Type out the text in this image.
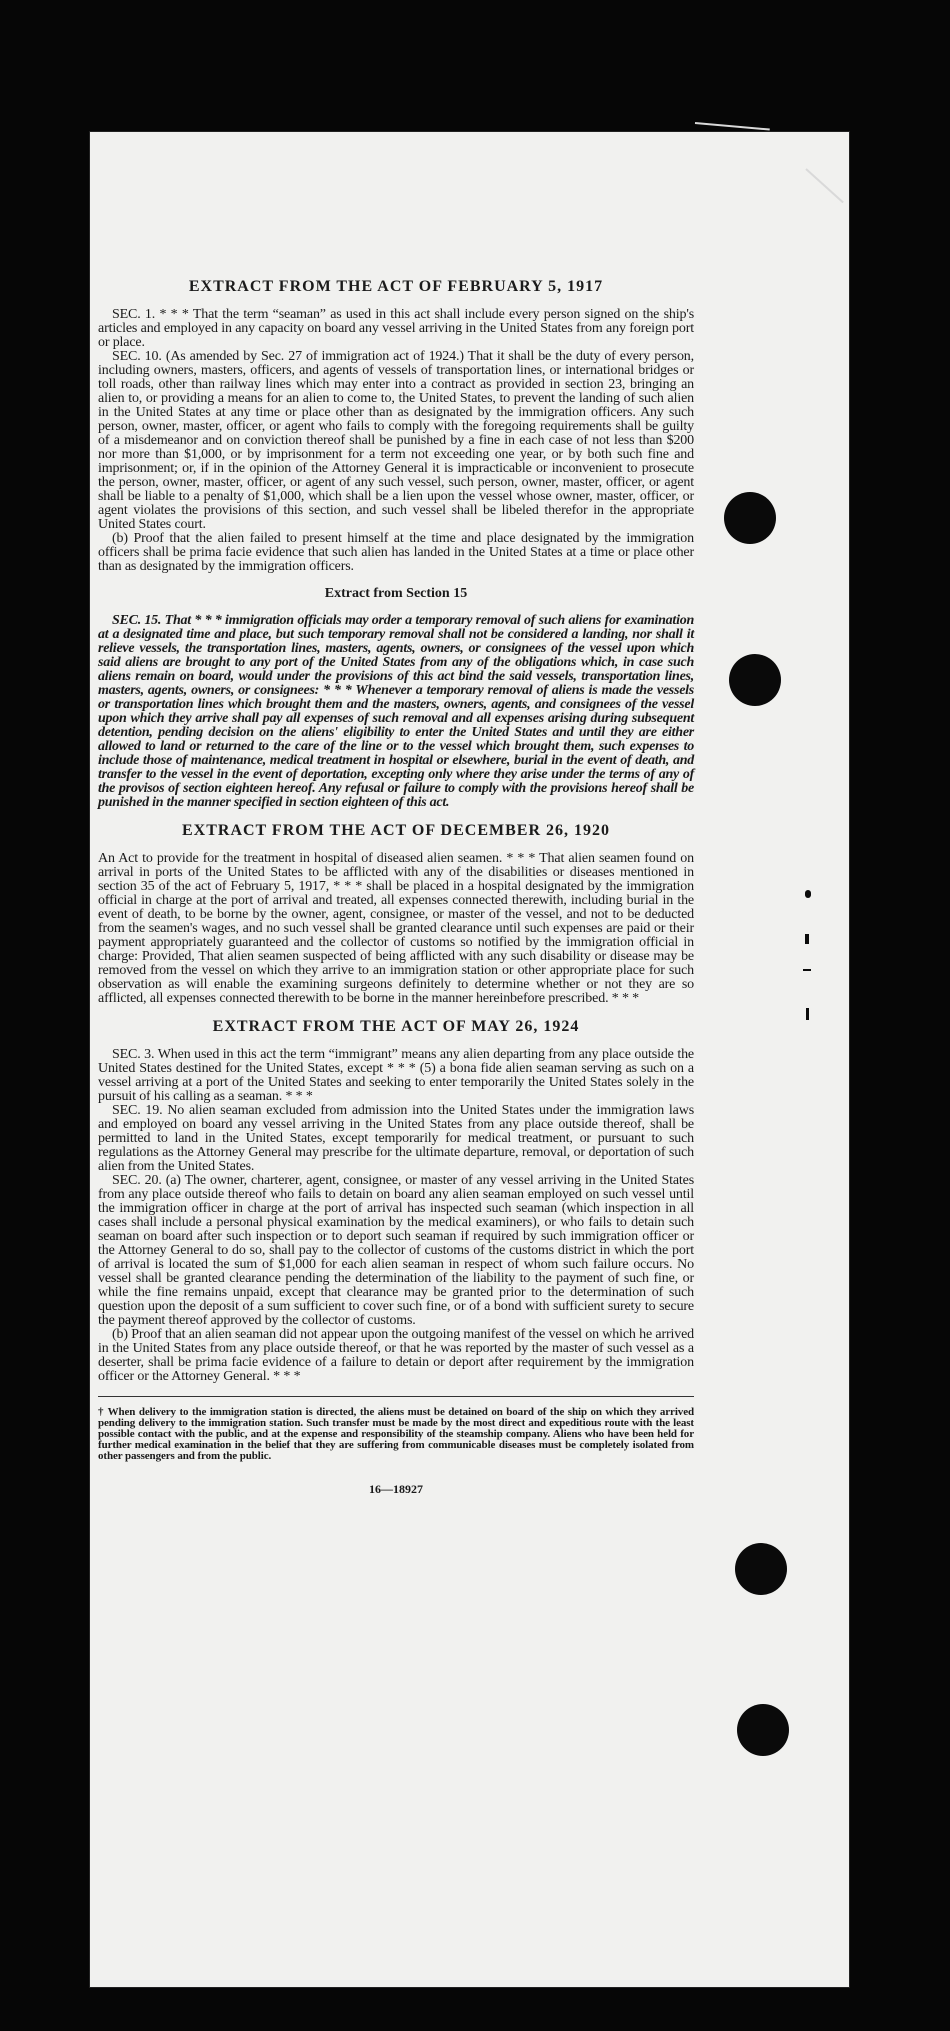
EXTRACT FROM THE ACT OF FEBRUARY 5, 1917

SEC. 1. * * * That the term “seaman” as used in this act shall include every person signed on the ship's articles and employed in any capacity on board any vessel arriving in the United States from any foreign port or place.

SEC. 10. (As amended by Sec. 27 of immigration act of 1924.) That it shall be the duty of every person, including owners, masters, officers, and agents of vessels of transportation lines, or international bridges or toll roads, other than railway lines which may enter into a contract as provided in section 23, bringing an alien to, or providing a means for an alien to come to, the United States, to prevent the landing of such alien in the United States at any time or place other than as designated by the immigration officers. Any such person, owner, master, officer, or agent who fails to comply with the foregoing requirements shall be guilty of a misdemeanor and on conviction thereof shall be punished by a fine in each case of not less than $200 nor more than $1,000, or by imprisonment for a term not exceeding one year, or by both such fine and imprisonment; or, if in the opinion of the Attorney General it is impracticable or inconvenient to prosecute the person, owner, master, officer, or agent of any such vessel, such person, owner, master, officer, or agent shall be liable to a penalty of $1,000, which shall be a lien upon the vessel whose owner, master, officer, or agent violates the provisions of this section, and such vessel shall be libeled therefor in the appropriate United States court.

(b) Proof that the alien failed to present himself at the time and place designated by the immigration officers shall be prima facie evidence that such alien has landed in the United States at a time or place other than as designated by the immigration officers.

Extract from Section 15

SEC. 15. That * * * immigration officials may order a temporary removal of such aliens for examination at a designated time and place, but such temporary removal shall not be considered a landing, nor shall it relieve vessels, the transportation lines, masters, agents, owners, or consignees of the vessel upon which said aliens are brought to any port of the United States from any of the obligations which, in case such aliens remain on board, would under the provisions of this act bind the said vessels, transportation lines, masters, agents, owners, or consignees: * * * Whenever a temporary removal of aliens is made the vessels or transportation lines which brought them and the masters, owners, agents, and consignees of the vessel upon which they arrive shall pay all expenses of such removal and all expenses arising during subsequent detention, pending decision on the aliens' eligibility to enter the United States and until they are either allowed to land or returned to the care of the line or to the vessel which brought them, such expenses to include those of maintenance, medical treatment in hospital or elsewhere, burial in the event of death, and transfer to the vessel in the event of deportation, excepting only where they arise under the terms of any of the provisos of section eighteen hereof. Any refusal or failure to comply with the provisions hereof shall be punished in the manner specified in section eighteen of this act.

EXTRACT FROM THE ACT OF DECEMBER 26, 1920

An Act to provide for the treatment in hospital of diseased alien seamen. * * * That alien seamen found on arrival in ports of the United States to be afflicted with any of the disabilities or diseases mentioned in section 35 of the act of February 5, 1917, * * * shall be placed in a hospital designated by the immigration official in charge at the port of arrival and treated, all expenses connected therewith, including burial in the event of death, to be borne by the owner, agent, consignee, or master of the vessel, and not to be deducted from the seamen's wages, and no such vessel shall be granted clearance until such expenses are paid or their payment appropriately guaranteed and the collector of customs so notified by the immigration official in charge: Provided, That alien seamen suspected of being afflicted with any such disability or disease may be removed from the vessel on which they arrive to an immigration station or other appropriate place for such observation as will enable the examining surgeons definitely to determine whether or not they are so afflicted, all expenses connected therewith to be borne in the manner hereinbefore prescribed. * * *

EXTRACT FROM THE ACT OF MAY 26, 1924

SEC. 3. When used in this act the term “immigrant” means any alien departing from any place outside the United States destined for the United States, except * * * (5) a bona fide alien seaman serving as such on a vessel arriving at a port of the United States and seeking to enter temporarily the United States solely in the pursuit of his calling as a seaman. * * *

SEC. 19. No alien seaman excluded from admission into the United States under the immigration laws and employed on board any vessel arriving in the United States from any place outside thereof, shall be permitted to land in the United States, except temporarily for medical treatment, or pursuant to such regulations as the Attorney General may prescribe for the ultimate departure, removal, or deportation of such alien from the United States.

SEC. 20. (a) The owner, charterer, agent, consignee, or master of any vessel arriving in the United States from any place outside thereof who fails to detain on board any alien seaman employed on such vessel until the immigration officer in charge at the port of arrival has inspected such seaman (which inspection in all cases shall include a personal physical examination by the medical examiners), or who fails to detain such seaman on board after such inspection or to deport such seaman if required by such immigration officer or the Attorney General to do so, shall pay to the collector of customs of the customs district in which the port of arrival is located the sum of $1,000 for each alien seaman in respect of whom such failure occurs. No vessel shall be granted clearance pending the determination of the liability to the payment of such fine, or while the fine remains unpaid, except that clearance may be granted prior to the determination of such question upon the deposit of a sum sufficient to cover such fine, or of a bond with sufficient surety to secure the payment thereof approved by the collector of customs.

(b) Proof that an alien seaman did not appear upon the outgoing manifest of the vessel on which he arrived in the United States from any place outside thereof, or that he was reported by the master of such vessel as a deserter, shall be prima facie evidence of a failure to detain or deport after requirement by the immigration officer or the Attorney General. * * *

† When delivery to the immigration station is directed, the aliens must be detained on board of the ship on which they arrived pending delivery to the immigration station. Such transfer must be made by the most direct and expeditious route with the least possible contact with the public, and at the expense and responsibility of the steamship company. Aliens who have been held for further medical examination in the belief that they are suffering from communicable diseases must be completely isolated from other passengers and from the public.

16—18927
